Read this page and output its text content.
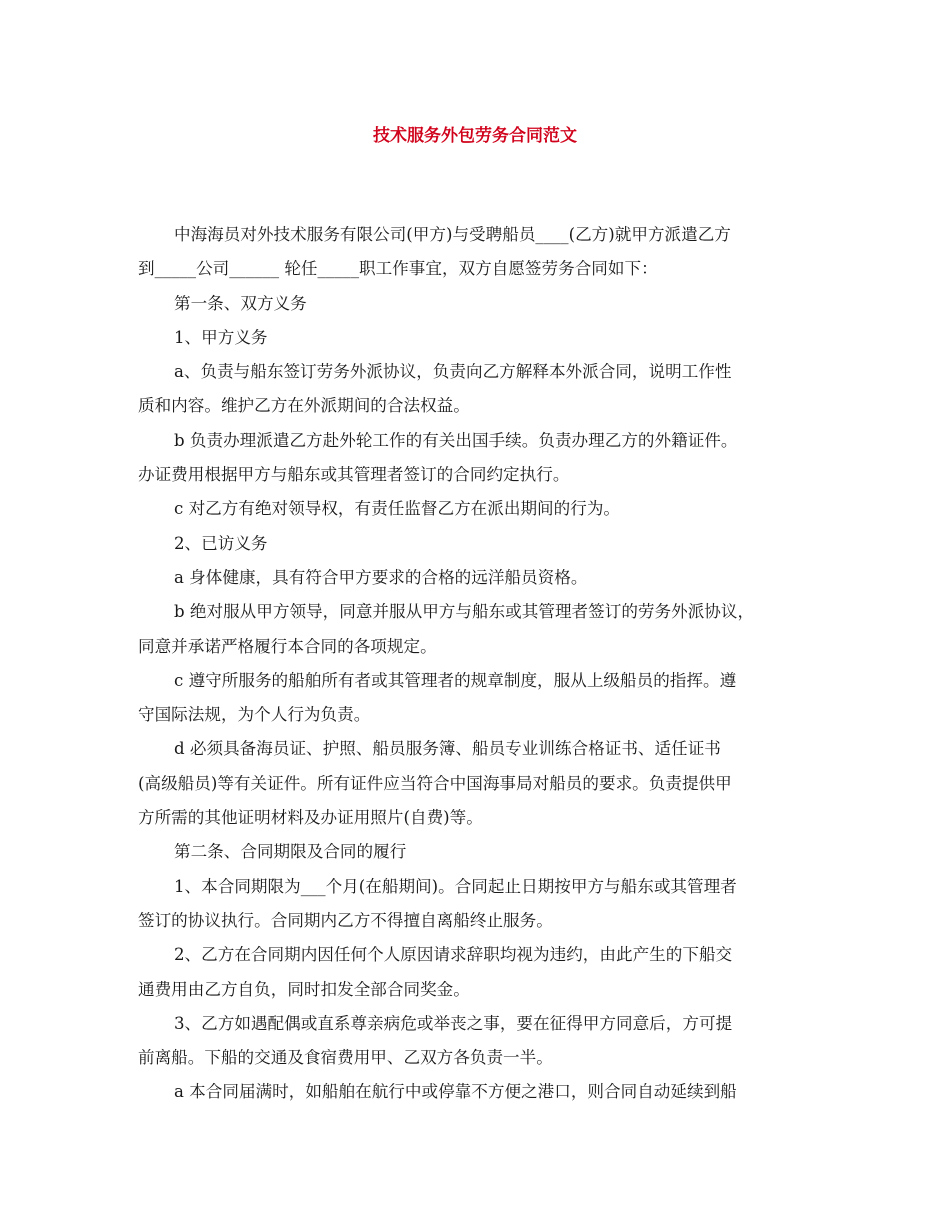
技术服务外包劳务合同范文
中海海员对外技术服务有限公司(甲方)与受聘船员____(乙方)就甲方派遣乙方
到_____公司______ 轮任_____职工作事宜，双方自愿签劳务合同如下：
第一条、双方义务
1、甲方义务
a、负责与船东签订劳务外派协议，负责向乙方解释本外派合同，说明工作性
质和内容。维护乙方在外派期间的合法权益。
b 负责办理派遣乙方赴外轮工作的有关出国手续。负责办理乙方的外籍证件。
办证费用根据甲方与船东或其管理者签订的合同约定执行。
c 对乙方有绝对领导权，有责任监督乙方在派出期间的行为。
2、已访义务
a 身体健康，具有符合甲方要求的合格的远洋船员资格。
b 绝对服从甲方领导，同意并服从甲方与船东或其管理者签订的劳务外派协议，
同意并承诺严格履行本合同的各项规定。
c 遵守所服务的船舶所有者或其管理者的规章制度，服从上级船员的指挥。遵
守国际法规，为个人行为负责。
d 必须具备海员证、护照、船员服务簿、船员专业训练合格证书、适任证书
(高级船员)等有关证件。所有证件应当符合中国海事局对船员的要求。负责提供甲
方所需的其他证明材料及办证用照片(自费)等。
第二条、合同期限及合同的履行
1、本合同期限为___个月(在船期间)。合同起止日期按甲方与船东或其管理者
签订的协议执行。合同期内乙方不得擅自离船终止服务。
2、乙方在合同期内因任何个人原因请求辞职均视为违约，由此产生的下船交
通费用由乙方自负，同时扣发全部合同奖金。
3、乙方如遇配偶或直系尊亲病危或举丧之事，要在征得甲方同意后，方可提
前离船。下船的交通及食宿费用甲、乙双方各负责一半。
a 本合同届满时，如船舶在航行中或停靠不方便之港口，则合同自动延续到船
